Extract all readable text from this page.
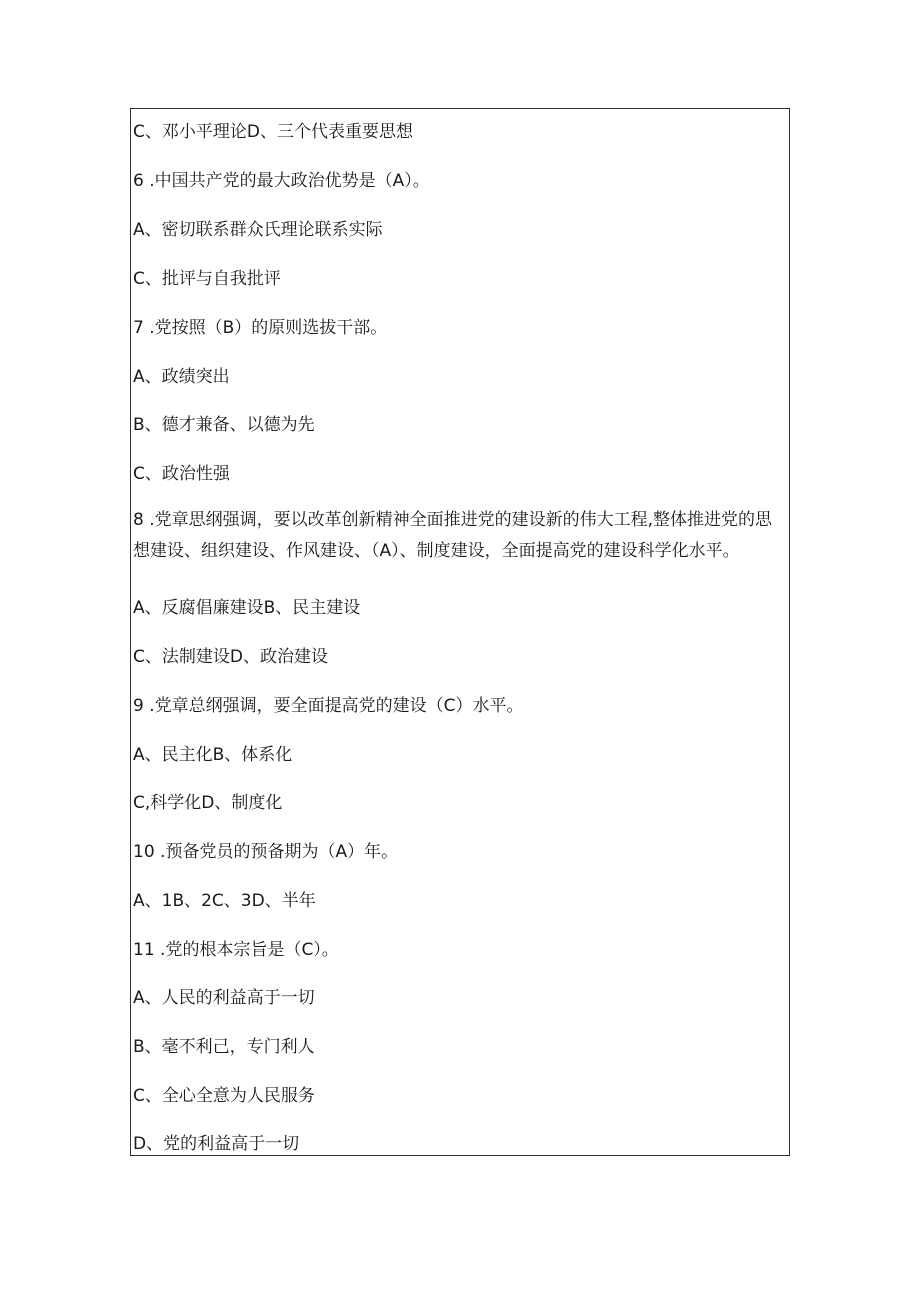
C、邓小平理论D、三个代表重要思想
6 .中国共产党的最大政治优势是（A）。
A、密切联系群众氏理论联系实际
C、批评与自我批评
7 .党按照（B）的原则选拔干部。
A、政绩突出
B、德才兼备、以德为先
C、政治性强
8 .党章思纲强调，要以改革创新精神全面推进党的建设新的伟大工程,整体推进党的思想建设、组织建设、作风建设、（A）、制度建设，全面提高党的建设科学化水平。
A、反腐倡廉建设B、民主建设
C、法制建设D、政治建设
9 .党章总纲强调，要全面提高党的建设（C）水平。
A、民主化B、体系化
C,科学化D、制度化
10 .预备党员的预备期为（A）年。
A、1B、2C、3D、半年
11 .党的根本宗旨是（C）。
A、人民的利益高于一切
B、毫不利己，专门利人
C、全心全意为人民服务
D、党的利益高于一切
